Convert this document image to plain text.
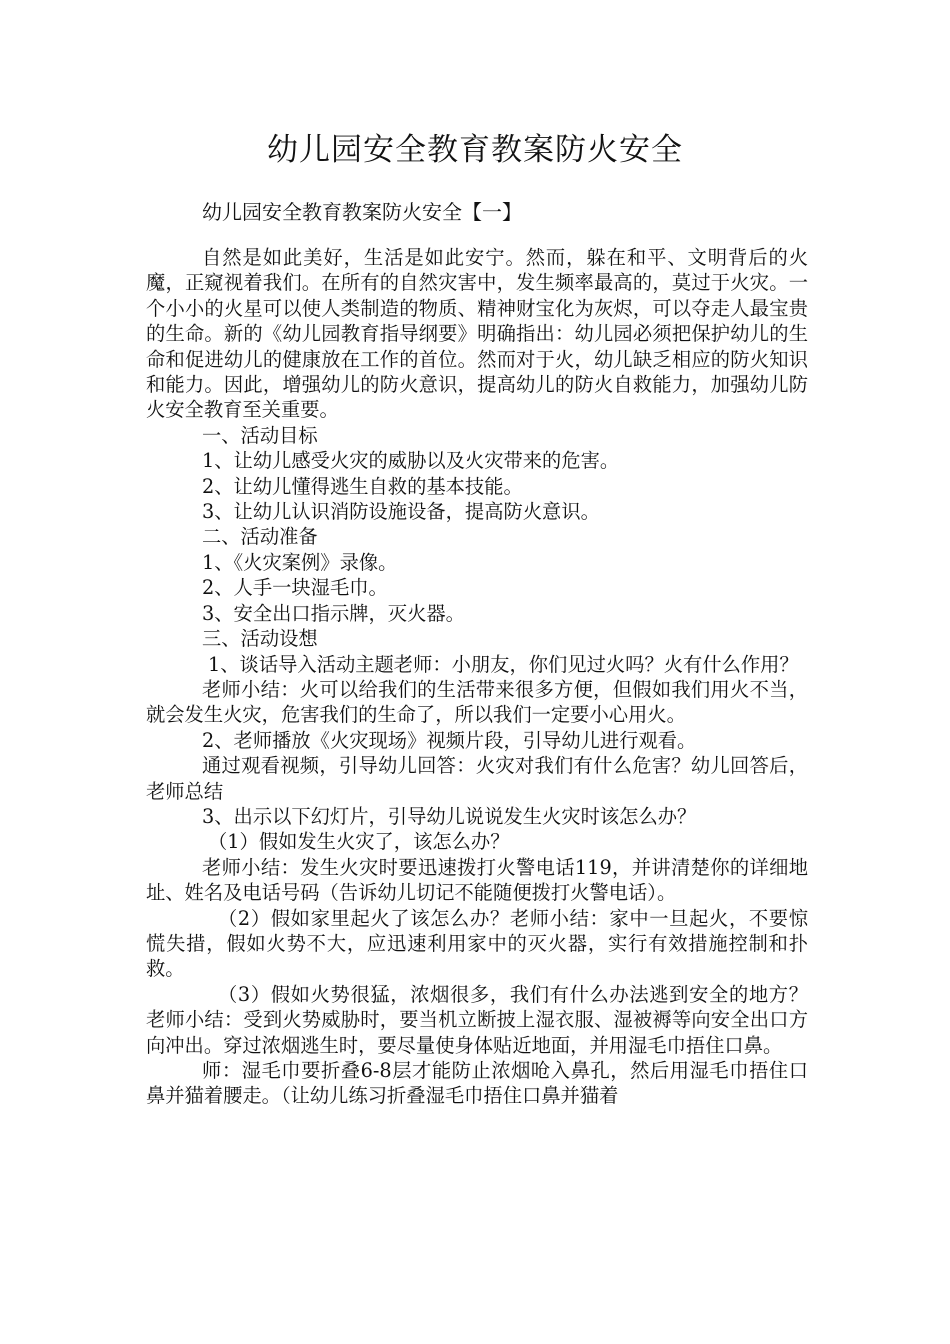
幼儿园安全教育教案防火安全
幼儿园安全教育教案防火安全【一】

自然是如此美好，生活是如此安宁。然而，躲在和平、文明背后的火魔，正窥视着我们。在所有的自然灾害中，发生频率最高的，莫过于火灾。一个小小的火星可以使人类制造的物质、精神财宝化为灰烬，可以夺走人最宝贵的生命。新的《幼儿园教育指导纲要》明确指出：幼儿园必须把保护幼儿的生命和促进幼儿的健康放在工作的首位。然而对于火，幼儿缺乏相应的防火知识和能力。因此，增强幼儿的防火意识，提高幼儿的防火自救能力，加强幼儿防火安全教育至关重要。

一、活动目标

1、让幼儿感受火灾的威胁以及火灾带来的危害。

2、让幼儿懂得逃生自救的基本技能。

3、让幼儿认识消防设施设备，提高防火意识。

二、活动准备

1、《火灾案例》录像。

2、人手一块湿毛巾。

3、安全出口指示牌，灭火器。

三、活动设想

1、谈话导入活动主题老师：小朋友，你们见过火吗？火有什么作用？

老师小结：火可以给我们的生活带来很多方便，但假如我们用火不当，就会发生火灾，危害我们的生命了，所以我们一定要小心用火。

2、老师播放《火灾现场》视频片段，引导幼儿进行观看。

通过观看视频，引导幼儿回答：火灾对我们有什么危害？幼儿回答后，老师总结

3、出示以下幻灯片，引导幼儿说说发生火灾时该怎么办？

（1）假如发生火灾了，该怎么办？

老师小结：发生火灾时要迅速拨打火警电话119，并讲清楚你的详细地址、姓名及电话号码（告诉幼儿切记不能随便拨打火警电话）。

（2）假如家里起火了该怎么办？老师小结：家中一旦起火，不要惊慌失措，假如火势不大，应迅速利用家中的灭火器，实行有效措施控制和扑救。

（3）假如火势很猛，浓烟很多，我们有什么办法逃到安全的地方？老师小结：受到火势威胁时，要当机立断披上湿衣服、湿被褥等向安全出口方向冲出。穿过浓烟逃生时，要尽量使身体贴近地面，并用湿毛巾捂住口鼻。

师：湿毛巾要折叠6-8层才能防止浓烟呛入鼻孔，然后用湿毛巾捂住口鼻并猫着腰走。（让幼儿练习折叠湿毛巾捂住口鼻并猫着
